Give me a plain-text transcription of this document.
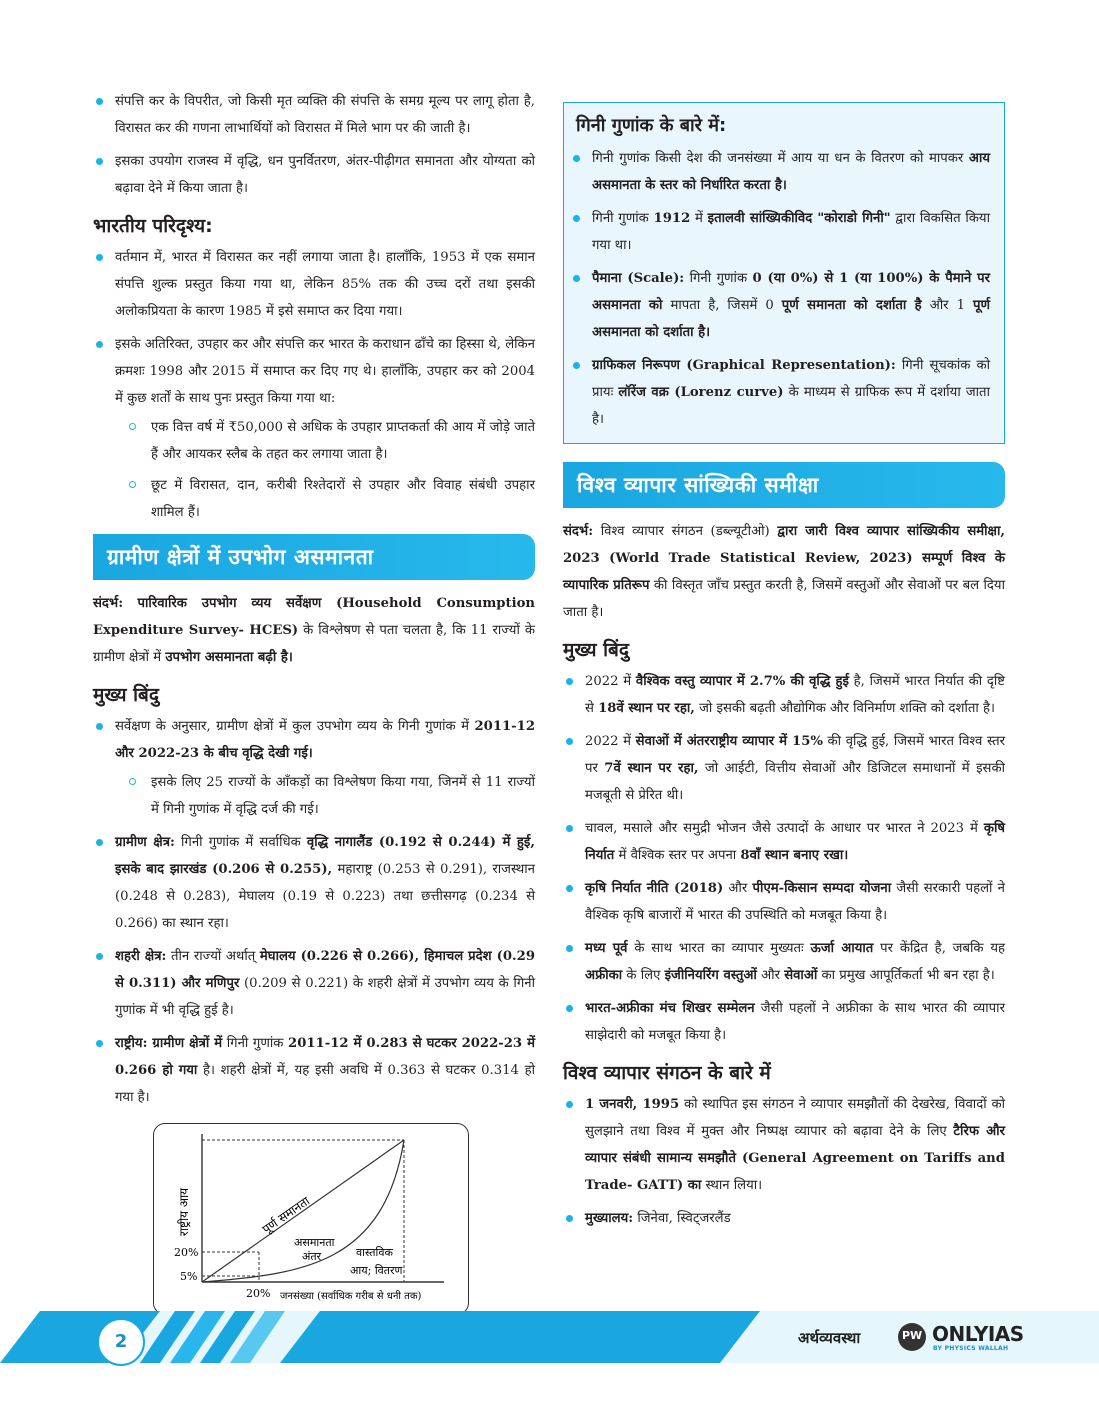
संपत्ति कर के विपरीत, जो किसी मृत व्यक्ति की संपत्ति के समग्र मूल्य पर लागू होता है, विरासत कर की गणना लाभार्थियों को विरासत में मिले भाग पर की जाती है।
इसका उपयोग राजस्व में वृद्धि, धन पुनर्वितरण, अंतर-पीढ़ीगत समानता और योग्यता को बढ़ावा देने में किया जाता है।
भारतीय परिदृश्य:
वर्तमान में, भारत में विरासत कर नहीं लगाया जाता है। हालाँकि, 1953 में एक समान संपत्ति शुल्क प्रस्तुत किया गया था, लेकिन 85% तक की उच्च दरों तथा इसकी अलोकप्रियता के कारण 1985 में इसे समाप्त कर दिया गया।
इसके अतिरिक्त, उपहार कर और संपत्ति कर भारत के कराधान ढाँचे का हिस्सा थे, लेकिन क्रमशः 1998 और 2015 में समाप्त कर दिए गए थे। हालाँकि, उपहार कर को 2004 में कुछ शर्तों के साथ पुनः प्रस्तुत किया गया था:
एक वित्त वर्ष में ₹50,000 से अधिक के उपहार प्राप्तकर्ता की आय में जोड़े जाते हैं और आयकर स्लैब के तहत कर लगाया जाता है।
छूट में विरासत, दान, करीबी रिश्तेदारों से उपहार और विवाह संबंधी उपहार शामिल हैं।
ग्रामीण क्षेत्रों में उपभोग असमानता

संदर्भ: पारिवारिक उपभोग व्यय सर्वेक्षण (Household Consumption Expenditure Survey- HCES) के विश्लेषण से पता चलता है, कि 11 राज्यों के ग्रामीण क्षेत्रों में उपभोग असमानता बढ़ी है।

मुख्य बिंदु
सर्वेक्षण के अनुसार, ग्रामीण क्षेत्रों में कुल उपभोग व्यय के गिनी गुणांक में 2011-12 और 2022-23 के बीच वृद्धि देखी गई।
इसके लिए 25 राज्यों के आँकड़ों का विश्लेषण किया गया, जिनमें से 11 राज्यों में गिनी गुणांक में वृद्धि दर्ज की गई।
ग्रामीण क्षेत्र: गिनी गुणांक में सर्वाधिक वृद्धि नागालैंड (0.192 से 0.244) में हुई, इसके बाद झारखंड (0.206 से 0.255), महाराष्ट्र (0.253 से 0.291), राजस्थान (0.248 से 0.283), मेघालय (0.19 से 0.223) तथा छत्तीसगढ़ (0.234 से 0.266) का स्थान रहा।
शहरी क्षेत्र: तीन राज्यों अर्थात् मेघालय (0.226 से 0.266), हिमाचल प्रदेश (0.29 से 0.311) और मणिपुर (0.209 से 0.221) के शहरी क्षेत्रों में उपभोग व्यय के गिनी गुणांक में भी वृद्धि हुई है।
राष्ट्रीय: ग्रामीण क्षेत्रों में गिनी गुणांक 2011-12 में 0.283 से घटकर 2022-23 में 0.266 हो गया है। शहरी क्षेत्रों में, यह इसी अवधि में 0.363 से घटकर 0.314 हो गया है।
राष्ट्रीय आय	पूर्ण समानता
असमानता
अंतर	वास्तविक
आय; वितरण
20%
5%
20% जनसंख्या (सर्वाधिक गरीब से धनी तक)
गिनी गुणांक के बारे में:
गिनी गुणांक किसी देश की जनसंख्या में आय या धन के वितरण को मापकर आय असमानता के स्तर को निर्धारित करता है।
गिनी गुणांक 1912 में इतालवी सांख्यिकीविद "कोराडो गिनी" द्वारा विकसित किया गया था।
पैमाना (Scale): गिनी गुणांक 0 (या 0%) से 1 (या 100%) के पैमाने पर असमानता को मापता है, जिसमें 0 पूर्ण समानता को दर्शाता है और 1 पूर्ण असमानता को दर्शाता है।
ग्राफिकल निरूपण (Graphical Representation): गिनी सूचकांक को प्रायः लॉरेंज वक्र (Lorenz curve) के माध्यम से ग्राफिक रूप में दर्शाया जाता है।
विश्व व्यापार सांख्यिकी समीक्षा

संदर्भ: विश्व व्यापार संगठन (डब्ल्यूटीओ) द्वारा जारी विश्व व्यापार सांख्यिकीय समीक्षा, 2023 (World Trade Statistical Review, 2023) सम्पूर्ण विश्व के व्यापारिक प्रतिरूप की विस्तृत जाँच प्रस्तुत करती है, जिसमें वस्तुओं और सेवाओं पर बल दिया जाता है।

मुख्य बिंदु
2022 में वैश्विक वस्तु व्यापार में 2.7% की वृद्धि हुई है, जिसमें भारत निर्यात की दृष्टि से 18वें स्थान पर रहा, जो इसकी बढ़ती औद्योगिक और विनिर्माण शक्ति को दर्शाता है।
2022 में सेवाओं में अंतरराष्ट्रीय व्यापार में 15% की वृद्धि हुई, जिसमें भारत विश्व स्तर पर 7वें स्थान पर रहा, जो आईटी, वित्तीय सेवाओं और डिजिटल समाधानों में इसकी मजबूती से प्रेरित थी।
चावल, मसाले और समुद्री भोजन जैसे उत्पादों के आधार पर भारत ने 2023 में कृषि निर्यात में वैश्विक स्तर पर अपना 8वाँ स्थान बनाए रखा।
कृषि निर्यात नीति (2018) और पीएम-किसान सम्पदा योजना जैसी सरकारी पहलों ने वैश्विक कृषि बाजारों में भारत की उपस्थिति को मजबूत किया है।
मध्य पूर्व के साथ भारत का व्यापार मुख्यतः ऊर्जा आयात पर केंद्रित है, जबकि यह अफ्रीका के लिए इंजीनियरिंग वस्तुओं और सेवाओं का प्रमुख आपूर्तिकर्ता भी बन रहा है।
भारत-अफ्रीका मंच शिखर सम्मेलन जैसी पहलों ने अफ्रीका के साथ भारत की व्यापार साझेदारी को मजबूत किया है।
विश्व व्यापार संगठन के बारे में
1 जनवरी, 1995 को स्थापित इस संगठन ने व्यापार समझौतों की देखरेख, विवादों को सुलझाने तथा विश्व में मुक्त और निष्पक्ष व्यापार को बढ़ावा देने के लिए टैरिफ और व्यापार संबंधी सामान्य समझौते (General Agreement on Tariffs and Trade- GATT) का स्थान लिया।
मुख्यालय: जिनेवा, स्विट्जरलैंड
2	अर्थव्यवस्था	PW ONLYIAS
BY PHYSICS WALLAH
